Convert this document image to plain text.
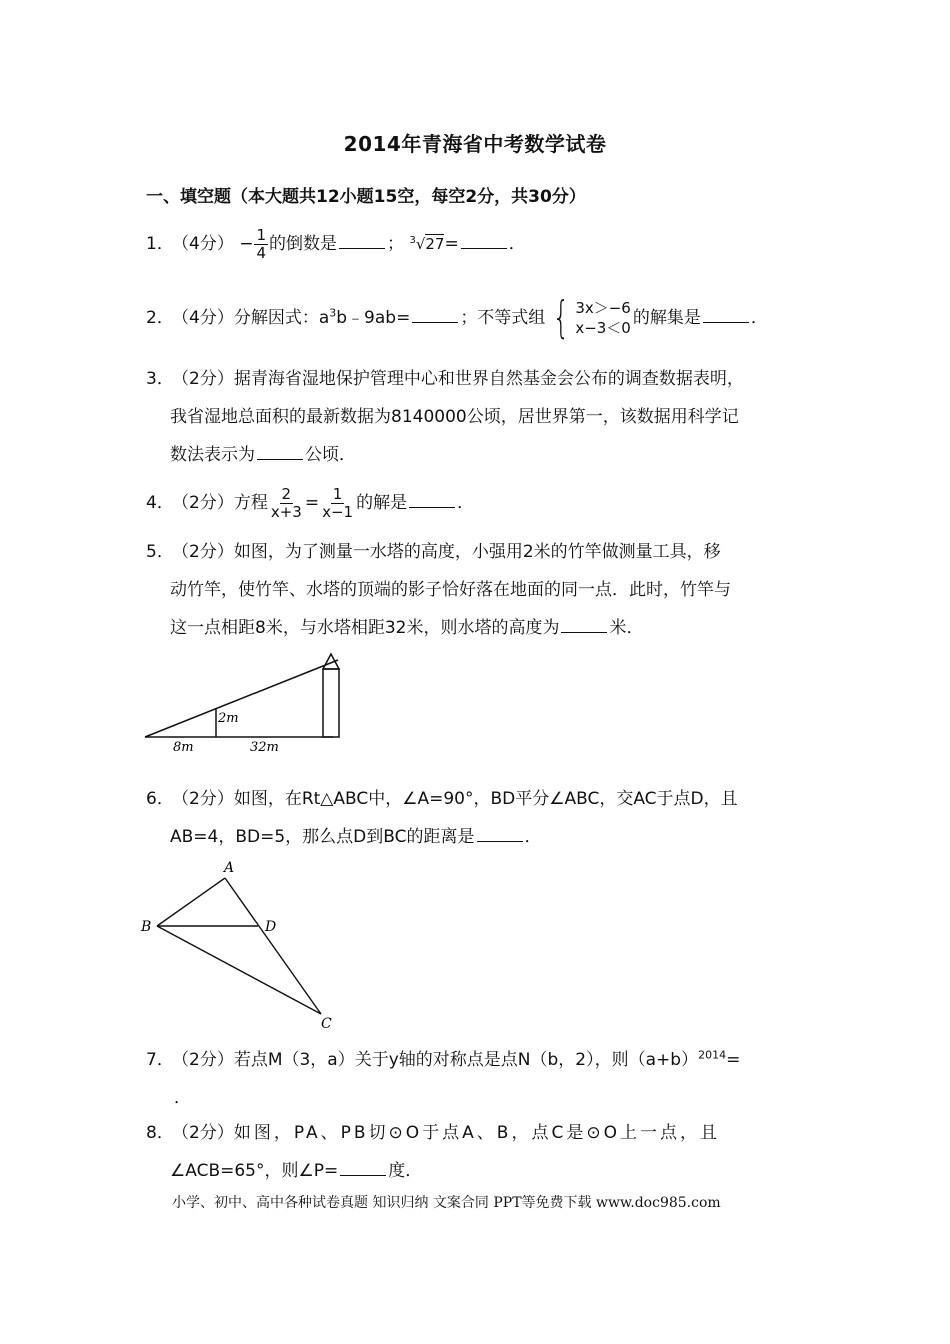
2014年青海省中考数学试卷
一、填空题（本大题共12小题15空，每空2分，共30分）
1．（4分） − $\frac{1}{4}$ 的倒数是	； $^3$√27=	．
2．（4分）分解因式：$a^3b﹣9ab=$	；不等式组 { 3x＞−6
x−3＜0 的解集是	．
3．（2分）据青海省湿地保护管理中心和世界自然基金会公布的调查数据表明，
我省湿地总面积的最新数据为8140000公顷，居世界第一，该数据用科学记
数法表示为	公顷．
4．（2分）方程 $\frac{2}{x+3} = \frac{1}{x-1}$ 的解是	．
5．（2分）如图，为了测量一水塔的高度，小强用2米的竹竿做测量工具，移
动竹竿，使竹竿、水塔的顶端的影子恰好落在地面的同一点．此时，竹竿与
这一点相距8米，与水塔相距32米，则水塔的高度为	米．
2m
8m	32m
6．（2分）如图，在Rt△ABC中，∠A=90°，BD平分∠ABC，交AC于点D，且
AB=4，BD=5，那么点D到BC的距离是	．
A
B	D
C
7．（2分）若点M（3，a）关于y轴的对称点是点N（b，2），则$(a+b)^{2014}=$
．
8．（2分）如图，PA、PB切⊙O于点A、B，点C是⊙O上一点，且
∠ACB=65°，则∠P=	度．
小学、初中、高中各种试卷真题 知识归纳 文案合同 PPT等免费下载 www.doc985.com
